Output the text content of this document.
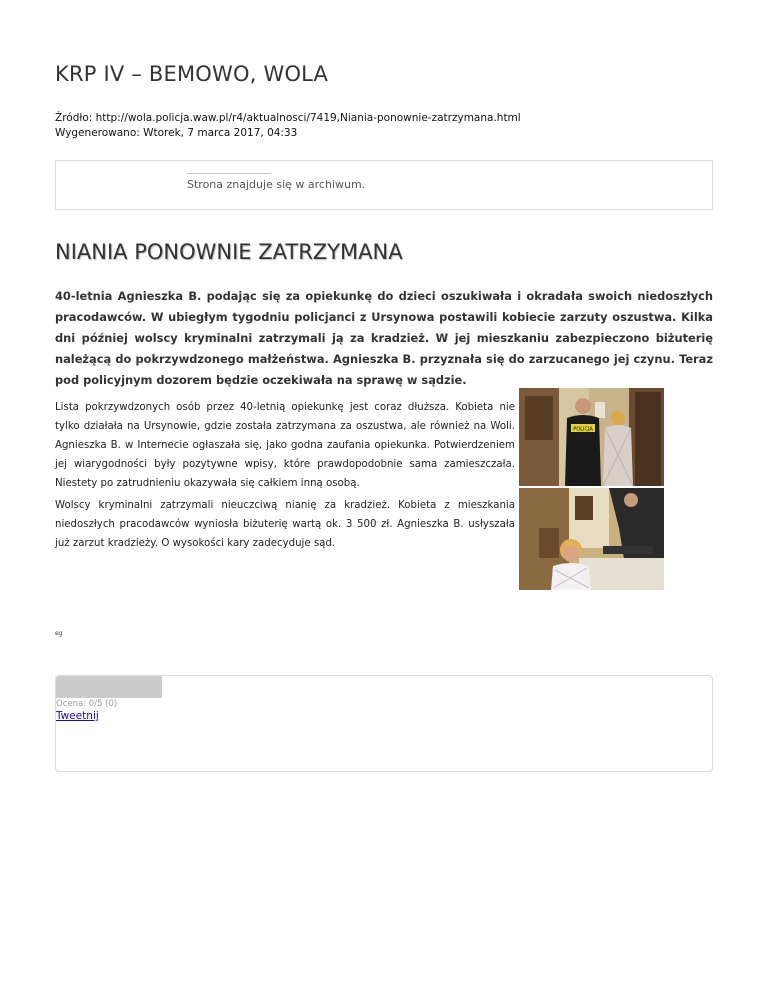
KRP IV – BEMOWO, WOLA
Źródło: http://wola.policja.waw.pl/r4/aktualnosci/7419,Niania-ponownie-zatrzymana.html
Wygenerowano: Wtorek, 7 marca 2017, 04:33
Strona znajduje się w archiwum.
NIANIA PONOWNIE ZATRZYMANA

40-letnia Agnieszka B. podając się za opiekunkę do dzieci oszukiwała i okradała swoich niedoszłych pracodawców. W ubiegłym tygodniu policjanci z Ursynowa postawili kobiecie zarzuty oszustwa. Kilka dni później wolscy kryminalni zatrzymali ją za kradzież. W jej mieszkaniu zabezpieczono biżuterię należącą do pokrzywdzonego małżeństwa. Agnieszka B. przyznała się do zarzucanego jej czynu. Teraz pod policyjnym dozorem będzie oczekiwała na sprawę w sądzie.

Lista pokrzywdzonych osób przez 40-letnią opiekunkę jest coraz dłuższa. Kobieta nie tylko działała na Ursynowie, gdzie została zatrzymana za oszustwa, ale również na Woli. Agnieszka B. w Internecie ogłaszała się, jako godna zaufania opiekunka. Potwierdzeniem jej wiarygodności były pozytywne wpisy, które prawdopodobnie sama zamieszczała. Niestety po zatrudnieniu okazywała się całkiem inną osobą.

Wolscy kryminalni zatrzymali nieuczciwą nianię za kradzież. Kobieta z mieszkania niedoszłych pracodawców wyniosła biżuterię wartą ok. 3 500 zł. Agnieszka B. usłyszała już zarzut kradzieży. O wysokości kary zadecyduje sąd.

POLICJA
eg
Ocena: 0/5 (0)
Tweetnij
